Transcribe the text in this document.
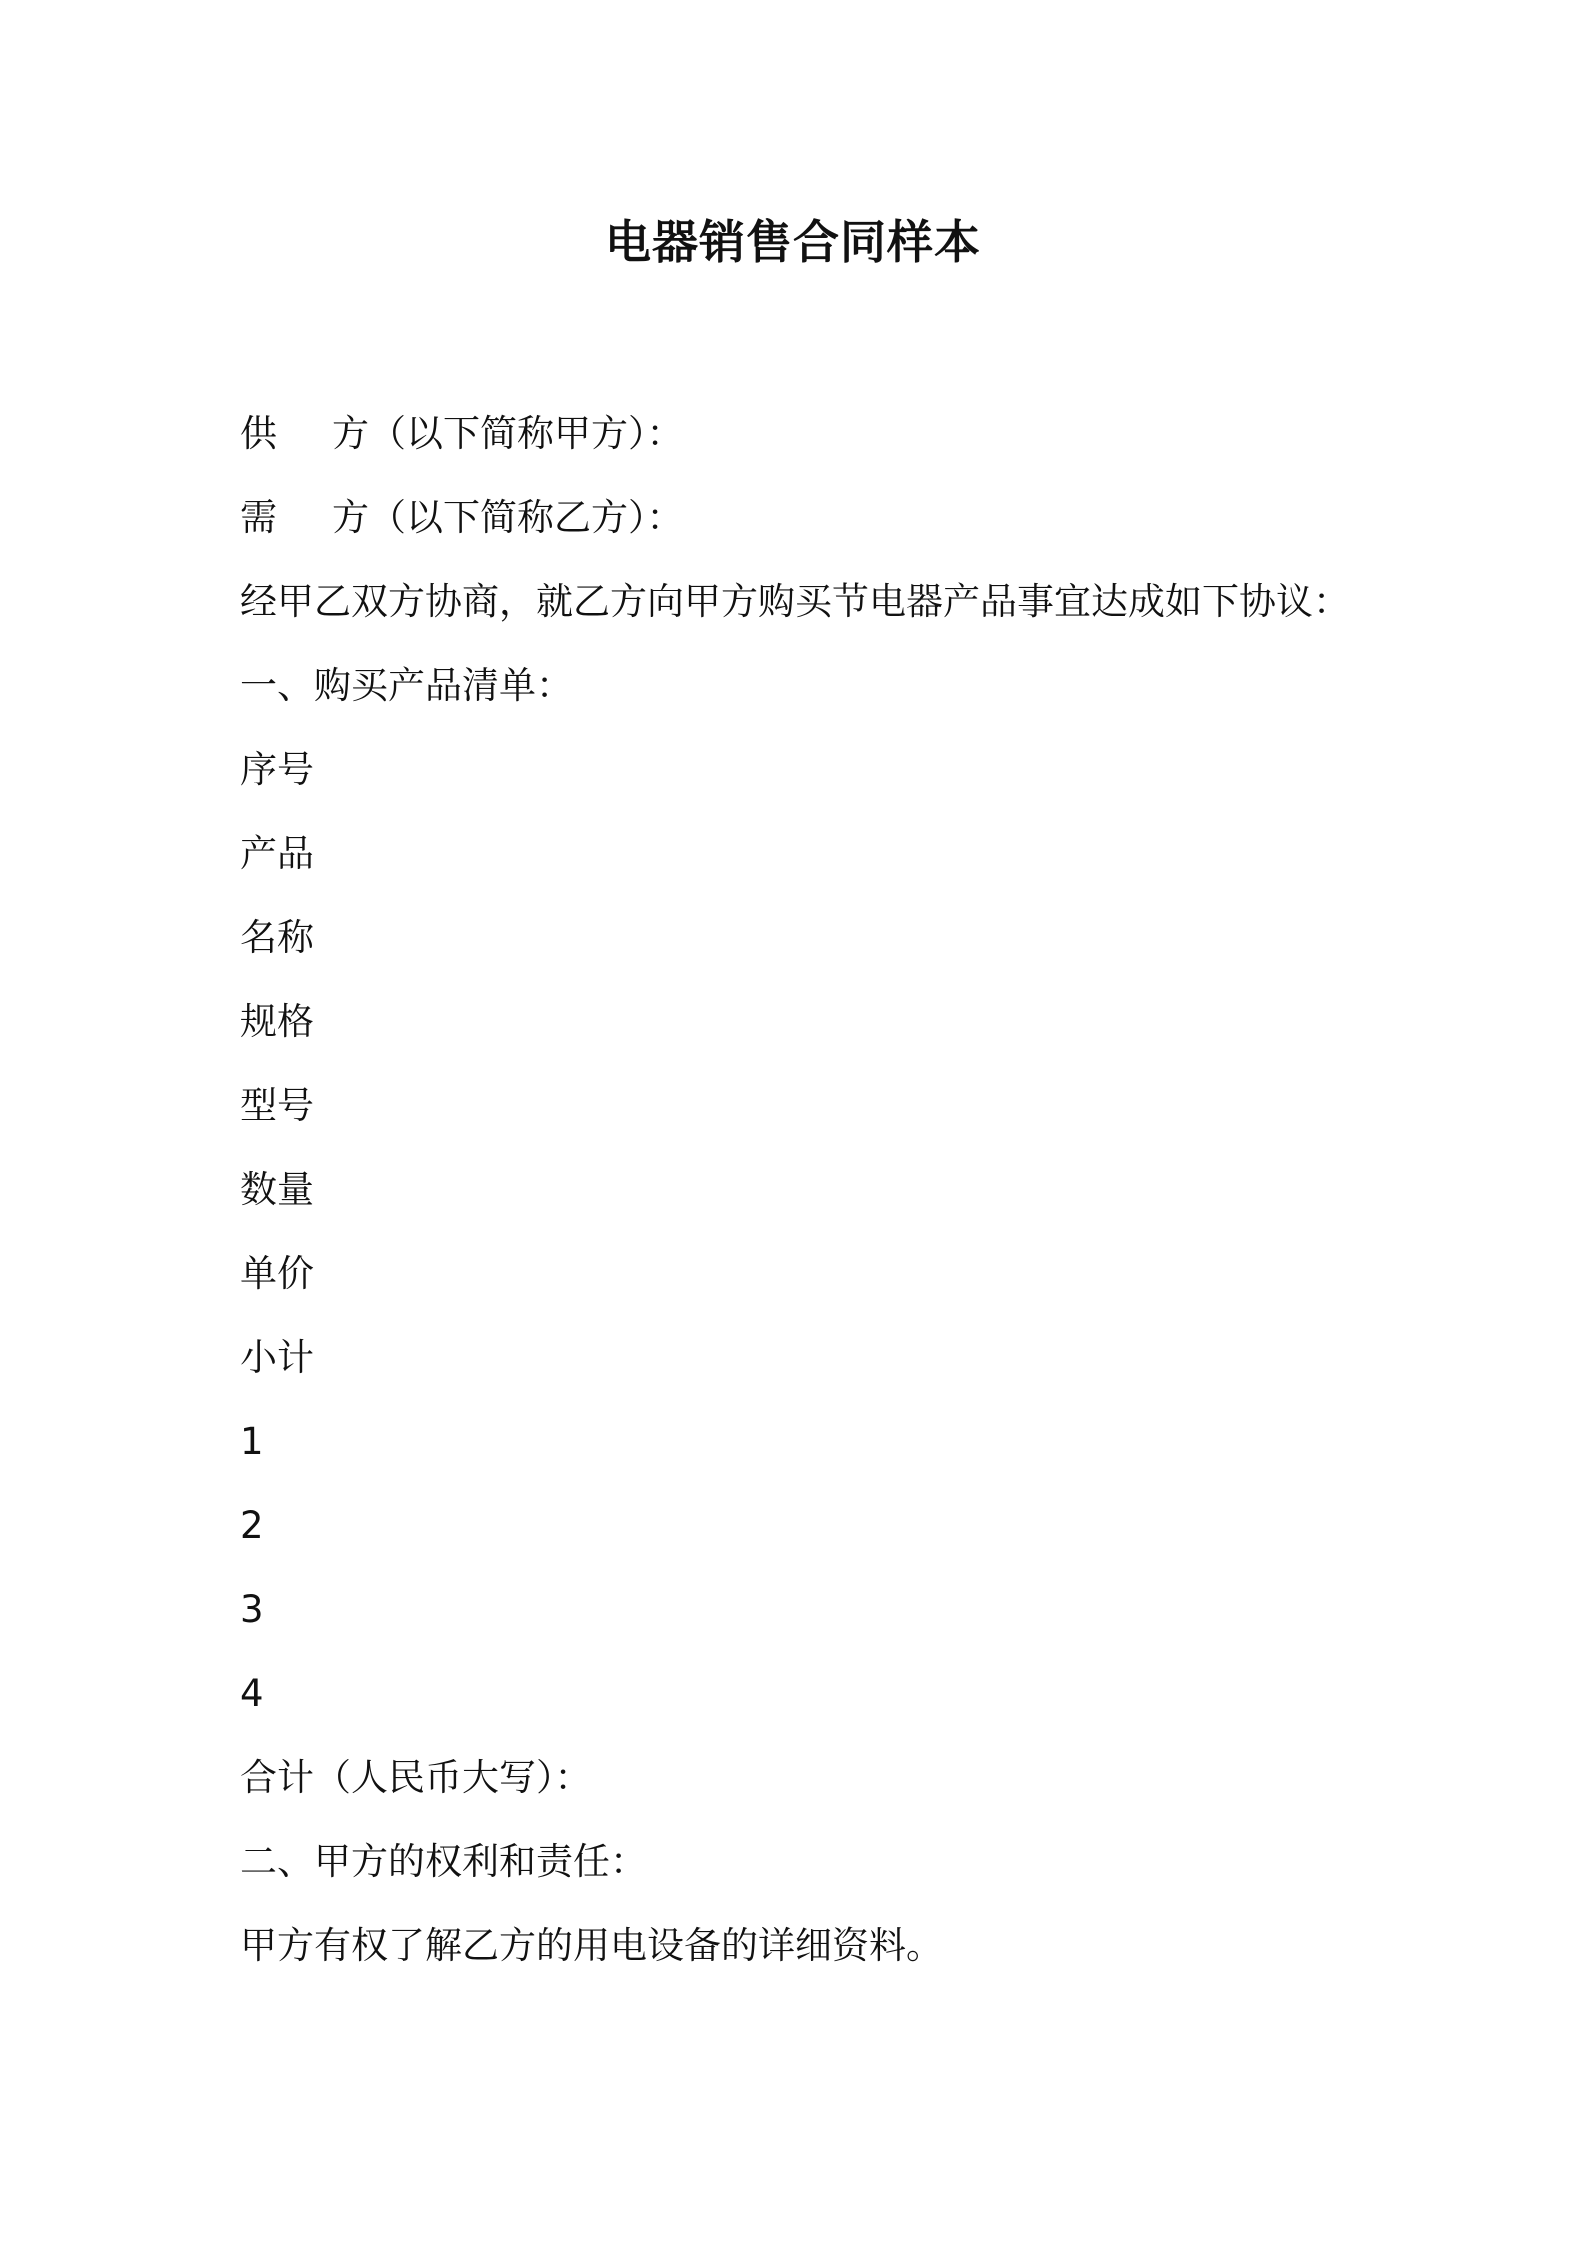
电器销售合同样本
供	方（以下简称甲方）：
需	方（以下简称乙方）：
经甲乙双方协商，就乙方向甲方购买节电器产品事宜达成如下协议：
一、购买产品清单：
序号
产品
名称
规格
型号
数量
单价
小计
1
2
3
4
合计（人民币大写）：
二、甲方的权利和责任：
甲方有权了解乙方的用电设备的详细资料。
